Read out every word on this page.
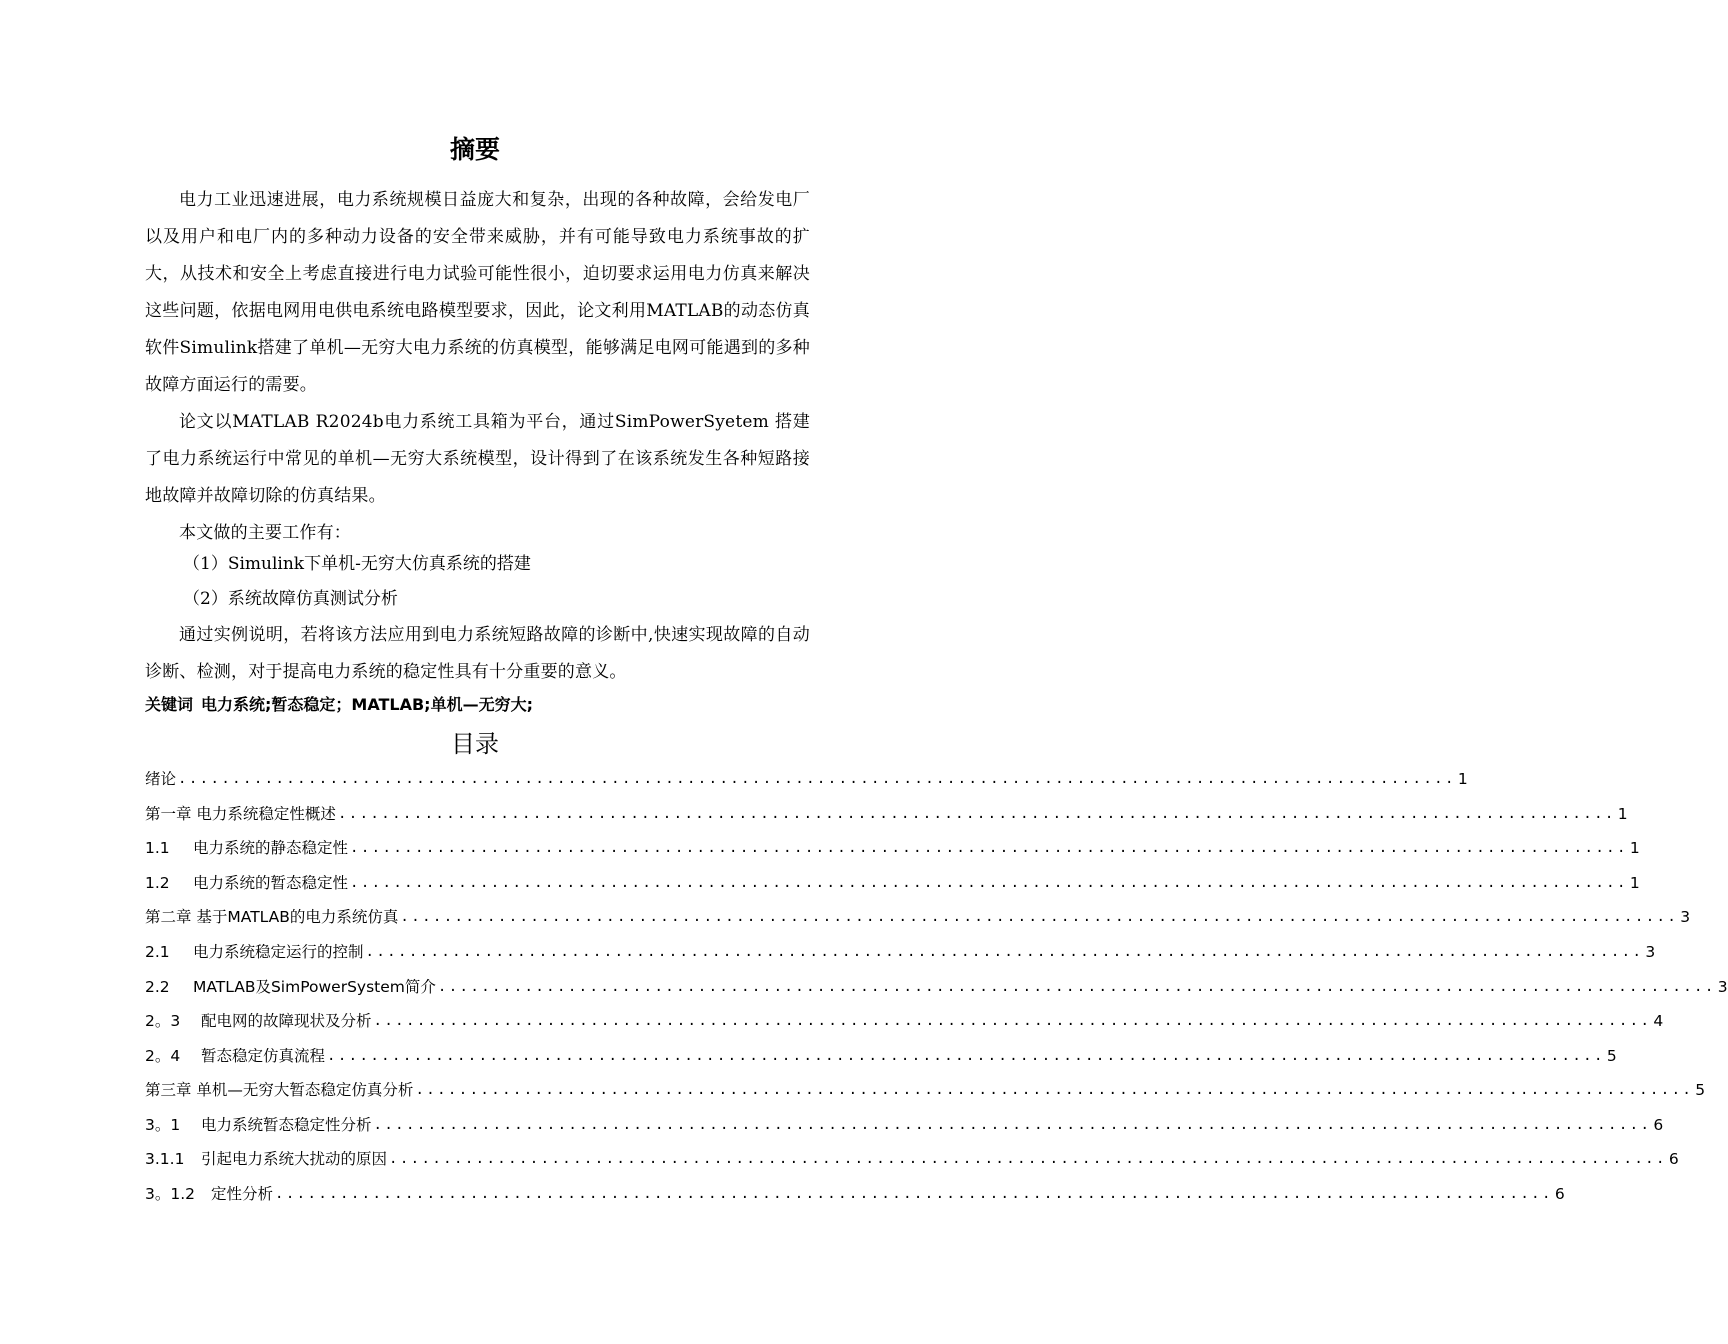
摘要

电力工业迅速进展，电力系统规模日益庞大和复杂，出现的各种故障，会给发电厂以及用户和电厂内的多种动力设备的安全带来威胁，并有可能导致电力系统事故的扩大，从技术和安全上考虑直接进行电力试验可能性很小，迫切要求运用电力仿真来解决这些问题，依据电网用电供电系统电路模型要求，因此，论文利用MATLAB的动态仿真软件Simulink搭建了单机—无穷大电力系统的仿真模型，能够满足电网可能遇到的多种故障方面运行的需要。

论文以MATLAB R2024b电力系统工具箱为平台，通过SimPowerSyetem 搭建了电力系统运行中常见的单机—无穷大系统模型，设计得到了在该系统发生各种短路接地故障并故障切除的仿真结果。

本文做的主要工作有：

（1）Simulink下单机-无穷大仿真系统的搭建

（2）系统故障仿真测试分析

通过实例说明，若将该方法应用到电力系统短路故障的诊断中,快速实现故障的自动诊断、检测，对于提高电力系统的稳定性具有十分重要的意义。

关键词 电力系统;暂态稳定；MATLAB;单机—无穷大;

目录
绪论 ...................................................................................................................... 1
第一章 电力系统稳定性概述 ...................................................................................................................... 1
1.1 电力系统的静态稳定性 ...................................................................................................................... 1
1.2 电力系统的暂态稳定性 ...................................................................................................................... 1
第二章 基于MATLAB的电力系统仿真 ...................................................................................................................... 3
2.1 电力系统稳定运行的控制 ...................................................................................................................... 3
2.2 MATLAB及SimPowerSystem简介 ...................................................................................................................... 3
2。3 配电网的故障现状及分析 ...................................................................................................................... 4
2。4 暂态稳定仿真流程 ...................................................................................................................... 5
第三章 单机—无穷大暂态稳定仿真分析 ...................................................................................................................... 5
3。1 电力系统暂态稳定性分析 ...................................................................................................................... 6
3.1.1 引起电力系统大扰动的原因 ...................................................................................................................... 6
3。1.2 定性分析 ...................................................................................................................... 6
